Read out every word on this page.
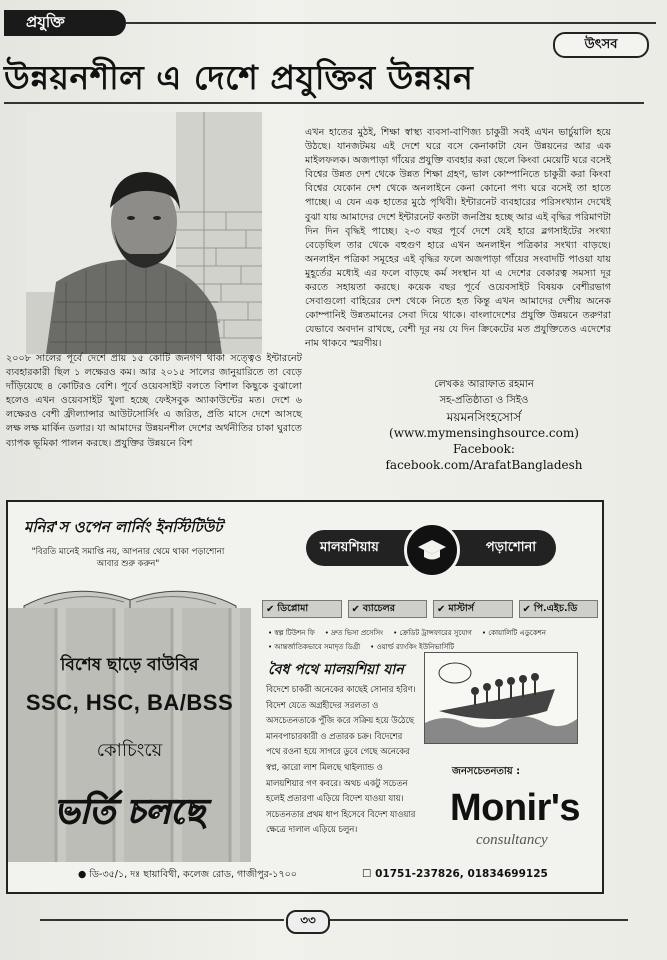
প্রযুক্তি
উৎসব
উন্নয়নশীল এ দেশে প্রযুক্তির উন্নয়ন
এখন হাতের মুঠই, শিক্ষা স্বাস্থ্য ব্যবসা-বাণিজ্য চাকুরী সবই এখন ভার্চুয়ালি হয়ে উঠছে। যানজটময় এই দেশে ঘরে বসে কেনাকাটা যেন উন্নয়নের আর এক মাইলফলক। অজপাড়া গাঁয়ের প্রযুক্তি ব্যবহার করা ছেলে কিংবা মেয়েটি ঘরে বসেই বিশ্বের উন্নত দেশ থেকে উন্নত শিক্ষা গ্রহণ, ভাল কোম্পানিতে চাকুরী করা কিংবা বিশ্বের যেকোন দেশ থেকে অনলাইনে কেনা কোনো পণ্য ঘরে বসেই তা হাতে পাচ্ছে। এ যেন এক হাতের মুঠে পৃথিবী। ইন্টারনেট ব্যবহারের পরিসংখ্যান দেখেই বুঝা যায় আমাদের দেশে ইন্টারনেট কতটা জনপ্রিয় হচ্ছে আর এই বৃদ্ধির পরিমাণটা দিন দিন বৃদ্ধিই পাচ্ছে। ২-৩ বছর পূর্বে দেশে যেই হারে ব্লগসাইটের সংখ্যা বেড়েছিল তার থেকে বহুগুণ হারে এখন অনলাইন পত্রিকার সংখ্যা বাড়ছে। অনলাইন পত্রিকা সমূহের এই বৃদ্ধির ফলে অজপাড়া গাঁয়ের সংবাদটি পাওয়া যায় মুহূর্তের মধ্যেই এর ফলে বাড়ছে কর্ম সংস্থান যা এ দেশের বেকারত্ব সমস্যা দূর করতে সহায়তা করছে। কয়েক বছর পূর্বে ওয়েবসাইট বিষয়ক বেশীরভাগ সেবাগুলো বাহিরের দেশ থেকে নিতে হত কিন্তু এখন আমাদের দেশীয় অনেক কোম্পানিই উন্নতমানের সেবা দিয়ে থাকে। বাংলাদেশের প্রযুক্তি উন্নয়নে তরুণরা যেভাবে অবদান রাখছে, বেশী দূর নয় যে দিন ক্রিকেটের মত প্রযুক্তিতেও এদেশের নাম থাকবে স্মরণীয়।
২০০৮ সালের পূর্বে দেশে প্রায় ১৫ কোটি জনগণ থাকা সত্ত্বেও ইন্টারনেট ব্যবহারকারী ছিল ১ লক্ষেরও কম। আর ২০১৫ সালের জানুয়ারিতে তা বেড়ে দাঁড়িয়েছে ৪ কোটিরও বেশি। পূর্বে ওয়েবসাইট বলতে বিশাল কিছুকে বুঝালো হলেও এখন ওয়েবসাইট খুলা হচ্ছে ফেইসবুক অ্যাকাউন্টের মত। দেশে ৬ লক্ষেরও বেশী ফ্রীল্যান্সার আউটসোর্সিং এ জরিত, প্রতি মাসে দেশে আসছে লক্ষ লক্ষ মার্কিন ডলার। যা আমাদের উন্নয়নশীল দেশের অর্থনীতির চাকা ঘুরাতে ব্যাপক ভূমিকা পালন করছে। প্রযুক্তির উন্নয়নে বিশ
লেখকঃ আরাফাত রহমান
সহ-প্রতিষ্ঠাতা ও সিইও
ময়মনসিংহসোর্স (www.mymensinghsource.com)
Facebook: facebook.com/ArafatBangladesh
মনির'স ওপেন লার্নিং ইনস্টিটিউট
"বিরতি মানেই সমাপ্তি নয়, আপনার থেমে থাকা পড়াশোনা
আবার শুরু করুন"
বিশেষ ছাড়ে বাউবির
SSC, HSC, BA/BSS
কোচিংয়ে
ভর্তি চলছে
মালয়শিয়ায়	পড়াশোনা
✔ ডিপ্লোমা	✔ ব্যাচেলর	✔ মাস্টার্স	✔ পি.এইচ.ডি
• স্বল্প টিউশন ফি • দ্রুত ভিসা প্রসেসিং • ক্রেডিট ট্রান্সফারের সুযোগ • কোয়ালিটি এডুকেশন
• আন্তর্জাতিকভাবে সমাদৃত ডিগ্রী • ওয়ার্ল্ড র‍্যাংকিং ইউনিভার্সিটি
বৈধ পথে মালয়শিয়া যান
বিদেশে চাকরী অনেকের কাছেই সোনার হরিণ। বিদেশ যেতে অগ্রহীদের সরলতা ও অসচেতনতাকে পুঁজি করে সক্রিয় হয়ে উঠেছে মানবপাচারকারী ও প্রতারক চক্র। বিদেশের পথে রওনা হয়ে সাগরে ডুবে গেছে অনেকের স্বপ্ন, কারো লাশ মিলছে থাইল্যান্ড ও মালয়শিয়ার গণ কবরে। অথচ একটু সচেতন হলেই প্রতারণা এড়িয়ে বিদেশ যাওয়া যায়। সচেতনতার প্রথম ধাপ হিসেবে বিদেশ যাওয়ার ক্ষেত্রে দালাল এড়িয়ে চলুন।
জনসচেতনতায় :
Monir's
consultancy
● ডি-৩৫/১, দঃ ছায়াবিথী, কলেজ রোড, গাজীপুর-১৭০০	☐ 01751-237826, 01834699125
৩৩
